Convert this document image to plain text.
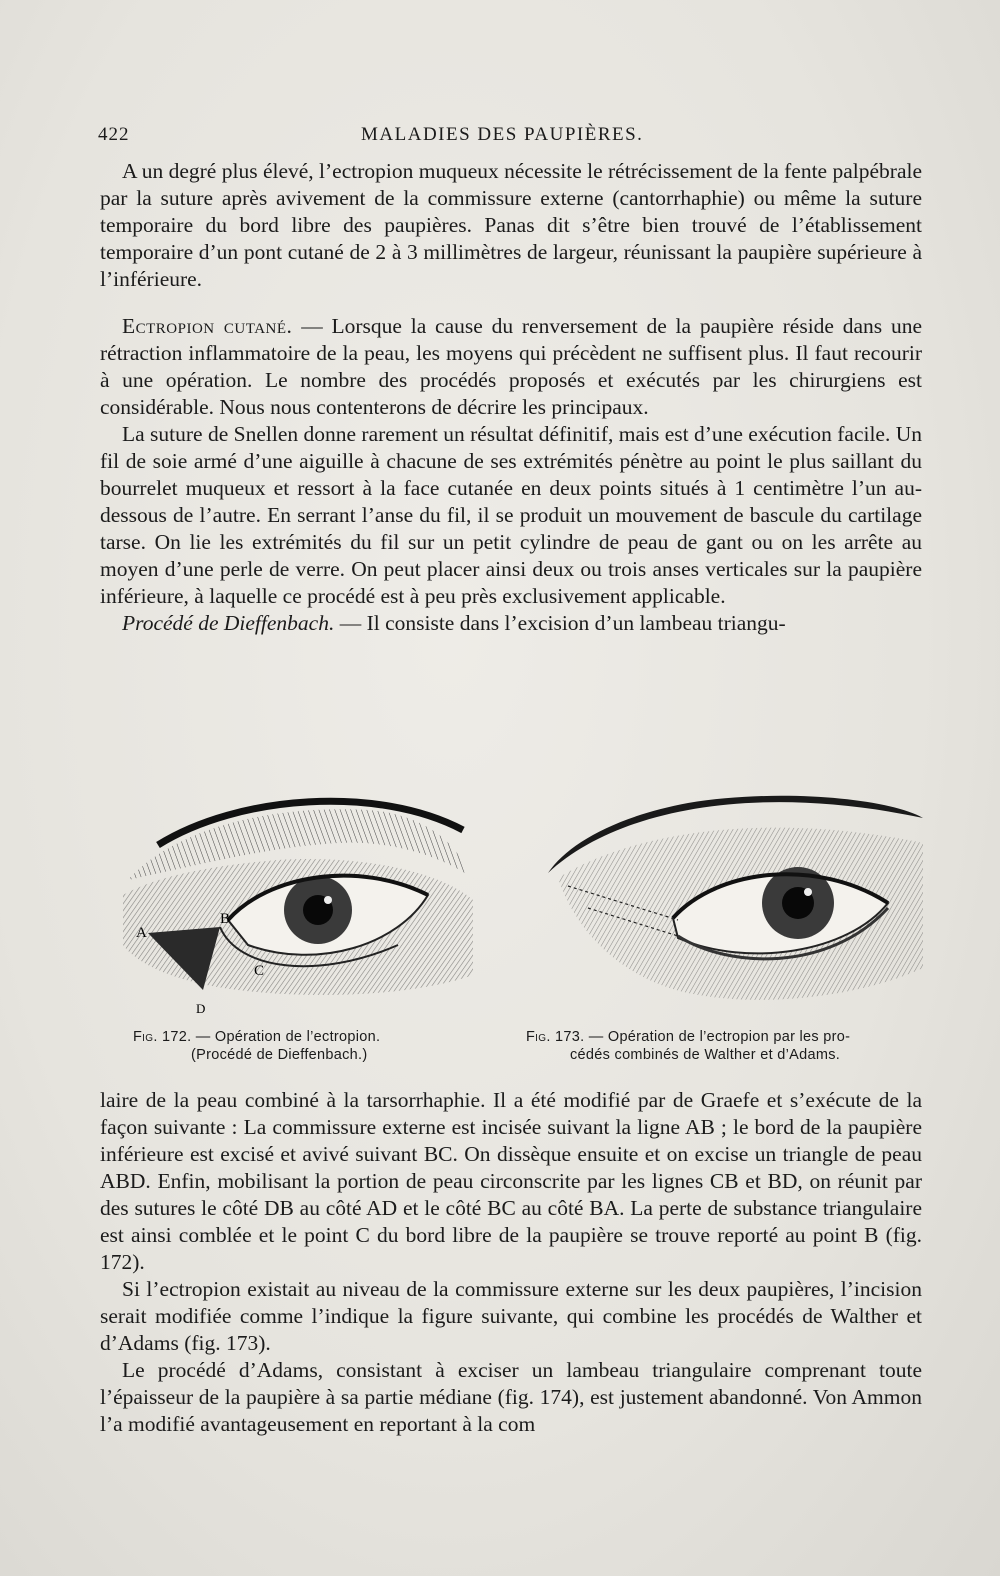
422	MALADIES DES PAUPIÈRES.

A un degré plus élevé, l’ectropion muqueux nécessite le rétrécissement de la fente palpébrale par la suture après avivement de la commissure externe (cantorrhaphie) ou même la suture temporaire du bord libre des paupières. Panas dit s’être bien trouvé de l’établissement temporaire d’un pont cutané de 2 à 3 millimètres de largeur, réunissant la paupière supérieure à l’inférieure.

Ectropion cutané. — Lorsque la cause du renversement de la paupière réside dans une rétraction inflammatoire de la peau, les moyens qui précèdent ne suffisent plus. Il faut recourir à une opération. Le nombre des procédés proposés et exécutés par les chirurgiens est considérable. Nous nous contenterons de décrire les principaux.

La suture de Snellen donne rarement un résultat définitif, mais est d’une exécution facile. Un fil de soie armé d’une aiguille à chacune de ses extrémités pénètre au point le plus saillant du bourrelet muqueux et ressort à la face cutanée en deux points situés à 1 centimètre l’un au-dessous de l’autre. En serrant l’anse du fil, il se produit un mouvement de bascule du cartilage tarse. On lie les extrémités du fil sur un petit cylindre de peau de gant ou on les arrête au moyen d’une perle de verre. On peut placer ainsi deux ou trois anses verticales sur la paupière inférieure, à laquelle ce procédé est à peu près exclusivement applicable.

Procédé de Dieffenbach. — Il consiste dans l’excision d’un lambeau triangu-

A
B
C
D
Fig. 172. — Opération de l’ectropion.
(Procédé de Dieffenbach.)
Fig. 173. — Opération de l’ectropion par les pro-
cédés combinés de Walther et d’Adams.

laire de la peau combiné à la tarsorrhaphie. Il a été modifié par de Graefe et s’exécute de la façon suivante : La commissure externe est incisée suivant la ligne AB ; le bord de la paupière inférieure est excisé et avivé suivant BC. On dissèque ensuite et on excise un triangle de peau ABD. Enfin, mobilisant la portion de peau circonscrite par les lignes CB et BD, on réunit par des sutures le côté DB au côté AD et le côté BC au côté BA. La perte de substance triangulaire est ainsi comblée et le point C du bord libre de la paupière se trouve reporté au point B (fig. 172).

Si l’ectropion existait au niveau de la commissure externe sur les deux paupières, l’incision serait modifiée comme l’indique la figure suivante, qui combine les procédés de Walther et d’Adams (fig. 173).

Le procédé d’Adams, consistant à exciser un lambeau triangulaire comprenant toute l’épaisseur de la paupière à sa partie médiane (fig. 174), est justement abandonné. Von Ammon l’a modifié avantageusement en reportant à la com
